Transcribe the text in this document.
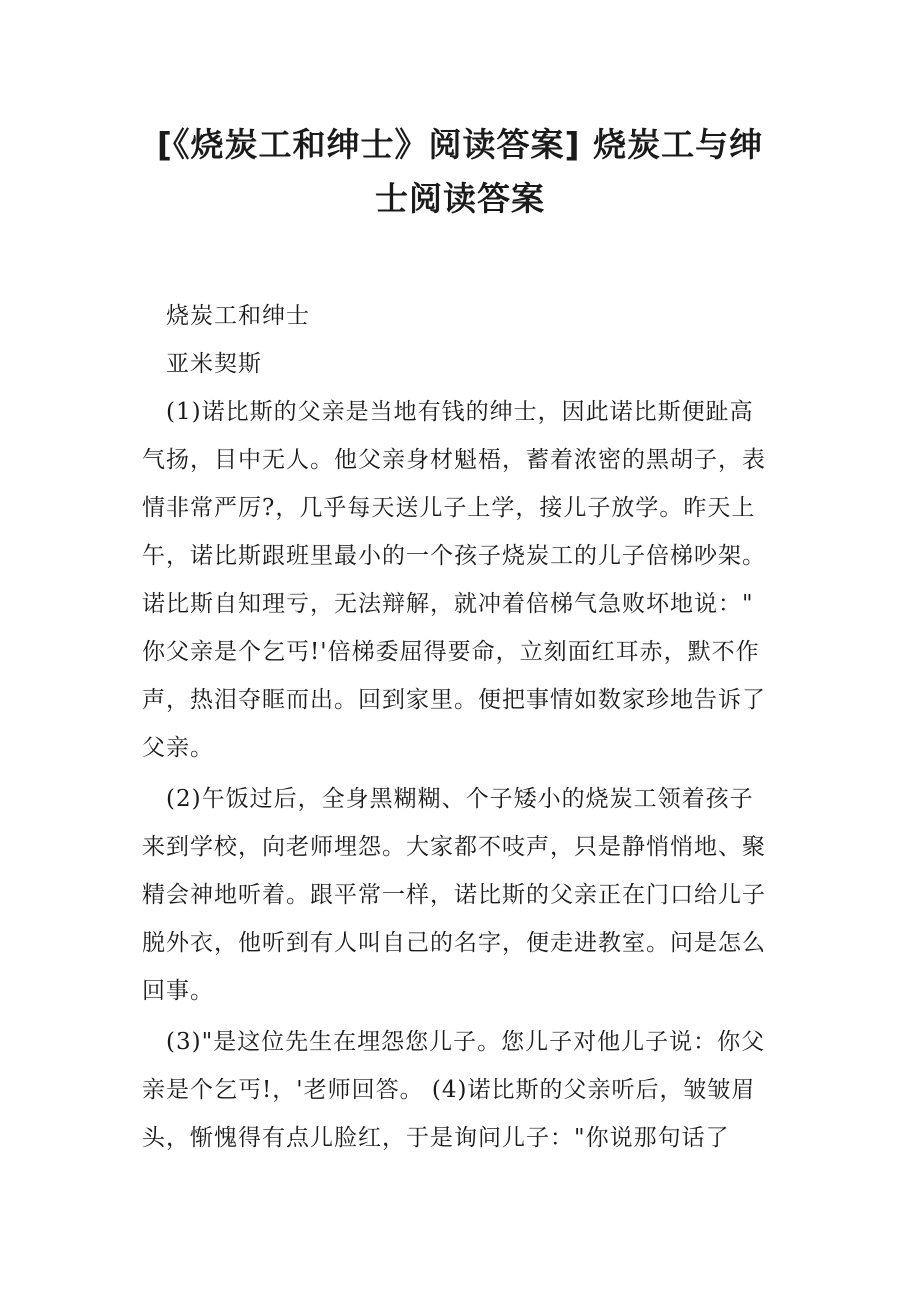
[《烧炭工和绅士》阅读答案] 烧炭工与绅
士阅读答案
烧炭工和绅士
亚米契斯
(1)诺比斯的父亲是当地有钱的绅士，因此诺比斯便趾高
气扬，目中无人。他父亲身材魁梧，蓄着浓密的黑胡子，表
情非常严厉?，几乎每天送儿子上学，接儿子放学。昨天上
午，诺比斯跟班里最小的一个孩子烧炭工的儿子倍梯吵架。
诺比斯自知理亏，无法辩解，就冲着倍梯气急败坏地说："
你父亲是个乞丐!'倍梯委屈得要命，立刻面红耳赤，默不作
声，热泪夺眶而出。回到家里。便把事情如数家珍地告诉了
父亲。
(2)午饭过后，全身黑糊糊、个子矮小的烧炭工领着孩子
来到学校，向老师埋怨。大家都不吱声，只是静悄悄地、聚
精会神地听着。跟平常一样，诺比斯的父亲正在门口给儿子
脱外衣，他听到有人叫自己的名字，便走进教室。问是怎么
回事。
(3)"是这位先生在埋怨您儿子。您儿子对他儿子说：你父
亲是个乞丐!，'老师回答。 (4)诺比斯的父亲听后，皱皱眉
头，惭愧得有点儿脸红，于是询问儿子："你说那句话了
